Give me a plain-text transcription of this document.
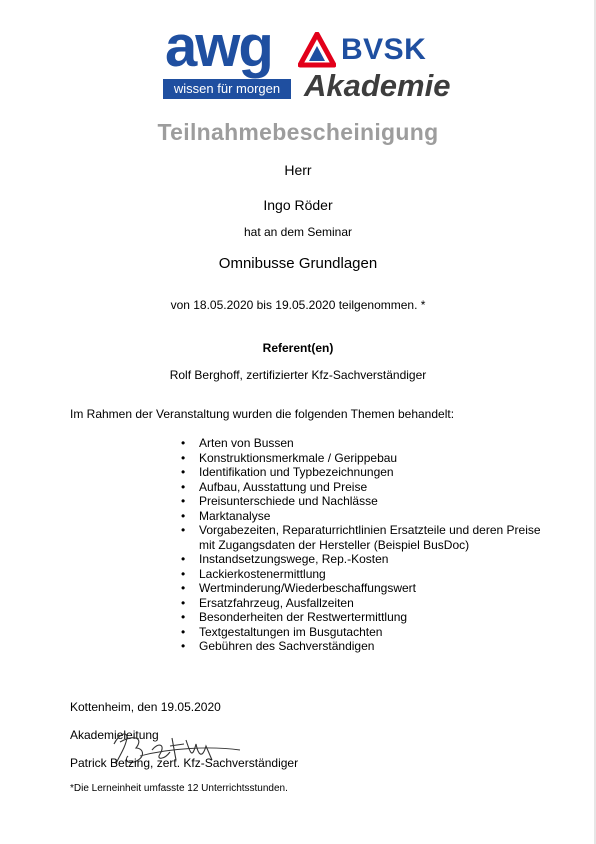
awg
wissen für morgen
BVSK
Akademie
Teilnahmebescheinigung
Herr
Ingo Röder
hat an dem Seminar
Omnibusse Grundlagen
von 18.05.2020 bis 19.05.2020 teilgenommen. *
Referent(en)
Rolf Berghoff, zertifizierter Kfz-Sachverständiger
Im Rahmen der Veranstaltung wurden die folgenden Themen behandelt:
• Arten von Bussen
• Konstruktionsmerkmale / Gerippebau
• Identifikation und Typbezeichnungen
• Aufbau, Ausstattung und Preise
• Preisunterschiede und Nachlässe
• Marktanalyse
• Vorgabezeiten, Reparaturrichtlinien Ersatzteile und deren Preise mit Zugangsdaten der Hersteller (Beispiel BusDoc)
• Instandsetzungswege, Rep.-Kosten
• Lackierkostenermittlung
• Wertminderung/Wiederbeschaffungswert
• Ersatzfahrzeug, Ausfallzeiten
• Besonderheiten der Restwertermittlung
• Textgestaltungen im Busgutachten
• Gebühren des Sachverständigen
Kottenheim, den 19.05.2020
Akademieleitung
Patrick Betzing, zert. Kfz-Sachverständiger
*Die Lerneinheit umfasste 12 Unterrichtsstunden.
